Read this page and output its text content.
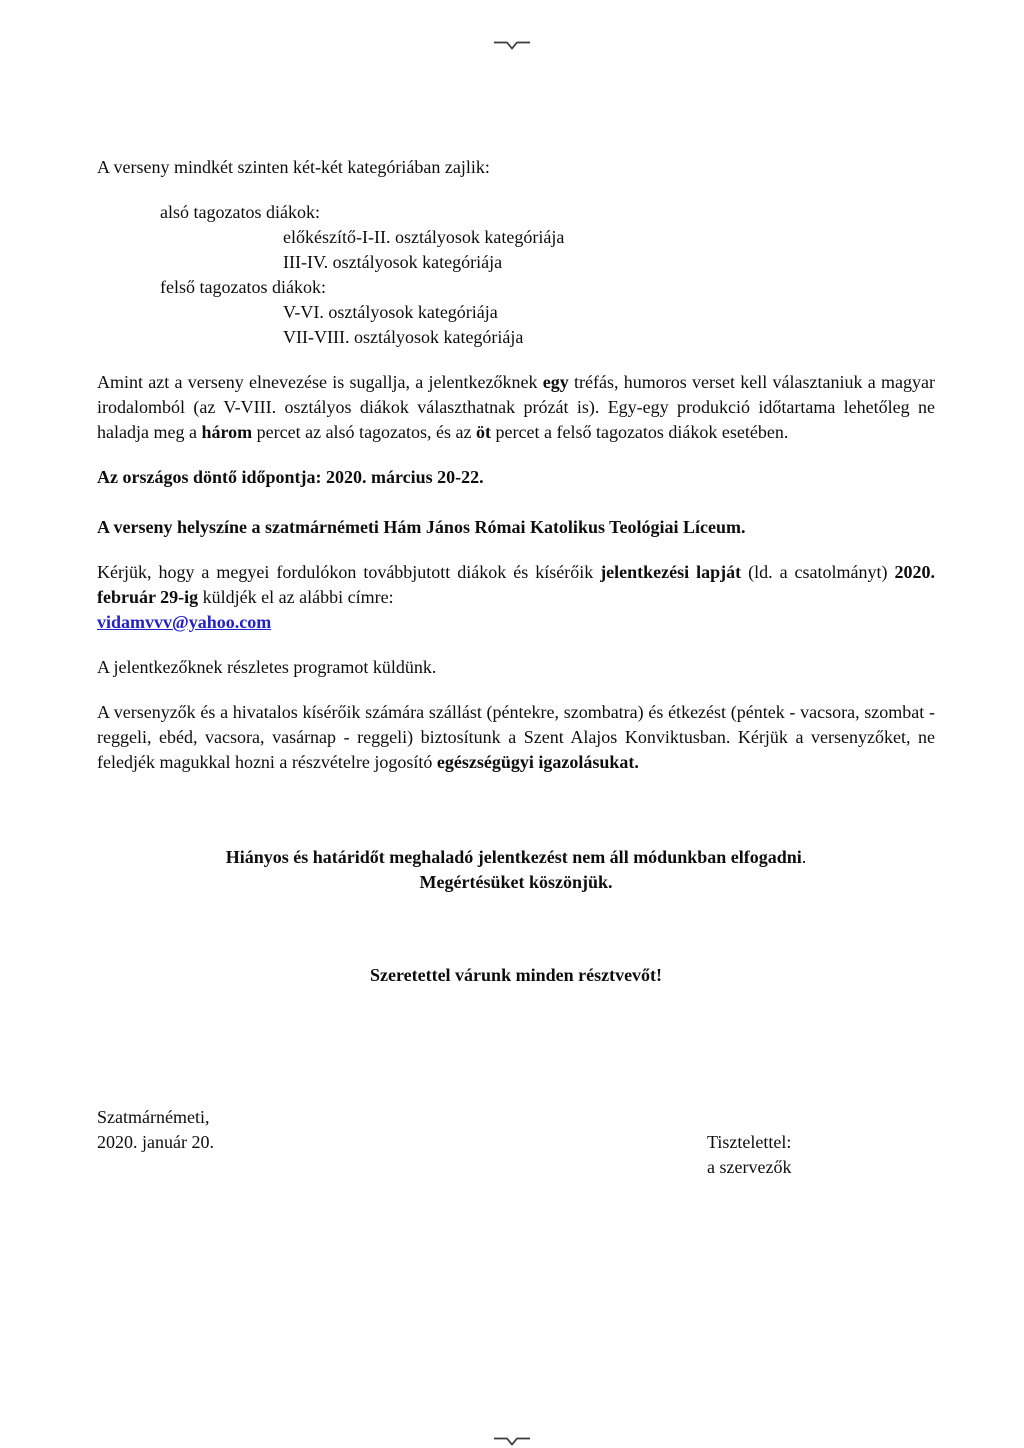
A verseny mindkét szinten két-két kategóriában zajlik:

alsó tagozatos diákok:
előkészítő-I-II. osztályosok kategóriája
III-IV. osztályosok kategóriája
felső tagozatos diákok:
V-VI. osztályosok kategóriája
VII-VIII. osztályosok kategóriája

Amint azt a verseny elnevezése is sugallja, a jelentkezőknek egy tréfás, humoros verset kell választaniuk a magyar irodalomból (az V-VIII. osztályos diákok választhatnak prózát is). Egy-egy produkció időtartama lehetőleg ne haladja meg a három percet az alsó tagozatos, és az öt percet a felső tagozatos diákok esetében.

Az országos döntő időpontja: 2020. március 20-22.

A verseny helyszíne a szatmárnémeti Hám János Római Katolikus Teológiai Líceum.

Kérjük, hogy a megyei fordulókon továbbjutott diákok és kísérőik jelentkezési lapját (ld. a csatolmányt) 2020. február 29-ig küldjék el az alábbi címre:

vidamvvv@yahoo.com

A jelentkezőknek részletes programot küldünk.

A versenyzők és a hivatalos kísérőik számára szállást (péntekre, szombatra) és étkezést (péntek - vacsora, szombat - reggeli, ebéd, vacsora, vasárnap - reggeli) biztosítunk a Szent Alajos Konviktusban. Kérjük a versenyzőket, ne feledjék magukkal hozni a részvételre jogosító egészségügyi igazolásukat.

Hiányos és határidőt meghaladó jelentkezést nem áll módunkban elfogadni.
Megértésüket köszönjük.

Szeretettel várunk minden résztvevőt!

Szatmárnémeti,
2020. január 20.	Tisztelettel:
a szervezők
